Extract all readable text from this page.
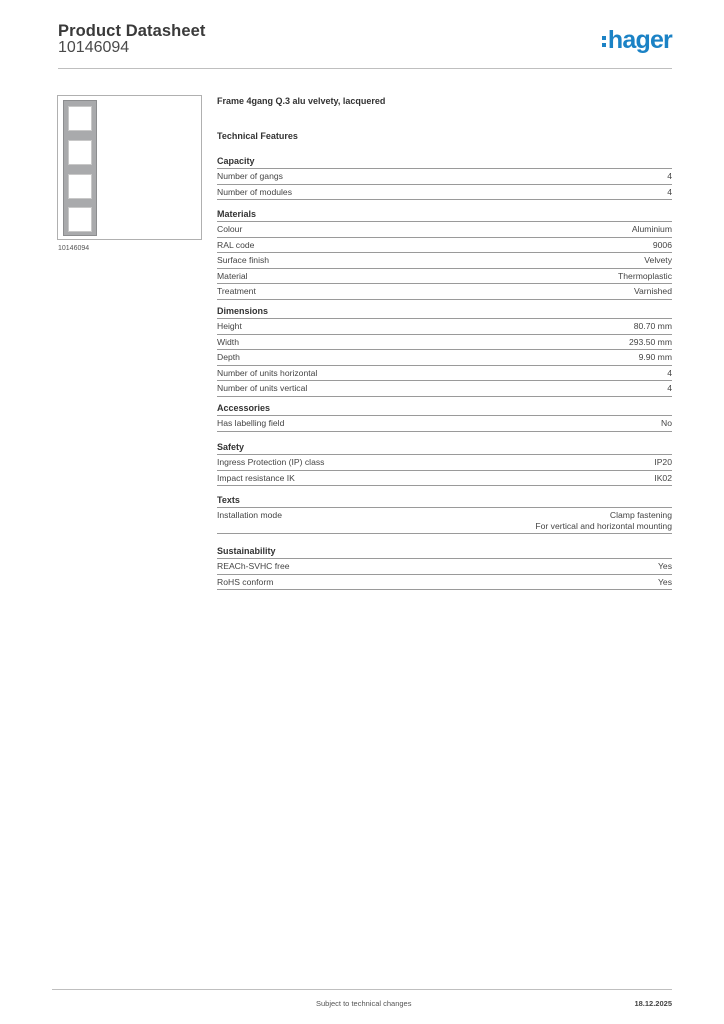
Product Datasheet
10146094	hager
10146094
Frame 4gang Q.3 alu velvety, lacquered
Technical Features
Capacity
Number of gangs	4
Number of modules	4
Materials
Colour	Aluminium
RAL code	9006
Surface finish	Velvety
Material	Thermoplastic
Treatment	Varnished
Dimensions
Height	80.70 mm
Width	293.50 mm
Depth	9.90 mm
Number of units horizontal	4
Number of units vertical	4
Accessories
Has labelling field	No
Safety
Ingress Protection (IP) class	IP20
Impact resistance IK	IK02
Texts
Installation mode	Clamp fastening
For vertical and horizontal mounting
Sustainability
REACh-SVHC free	Yes
RoHS conform	Yes
Subject to technical changes	18.12.2025
